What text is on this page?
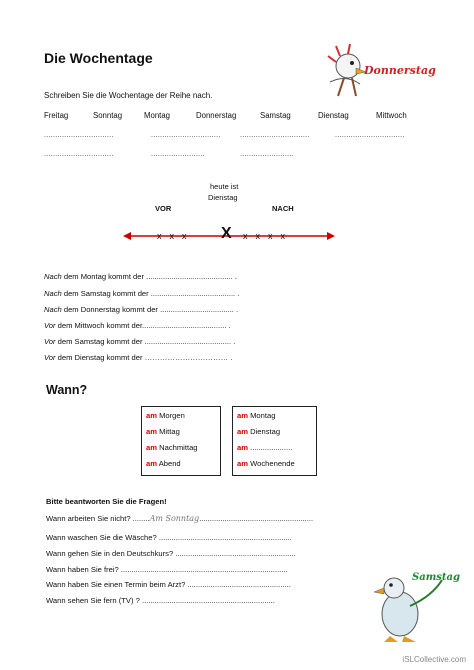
Die Wochentage
Donnerstag
Schreiben Sie die Wochentage der Reihe nach.
Freitag	Sonntag	Montag	Donnerstag	Samstag	Dienstag	Mittwoch
...............................	...............................	...............................	...............................
...............................	........................	........................
heute ist
Dienstag
VOR	NACH
xxx X xxxx
Nach dem Montag kommt der ......................................... .
Nach dem Samstag kommt der ........................................ .
Nach dem Donnerstag kommt der ................................... .
Vor dem Mittwoch kommt der........................................ .
Vor dem Samstag kommt der ......................................... .
Vor dem Dienstag kommt der …………………………… .
Wann?
am Morgen
am Mittag
am Nachmittag
am Abend
am Montag
am Dienstag
am ....................
am Wochenende
Bitte beantworten Sie die Fragen!
Wann arbeiten Sie nicht? ........Am Sonntag......................................................
Wann waschen Sie die Wäsche? ...............................................................
Wann gehen Sie in den Deutschkurs? .........................................................
Wann haben Sie frei? ...............................................................................
Wann haben Sie einen Termin beim Arzt? .................................................
Wann sehen Sie fern (TV) ? ...............................................................
Samstag
iSLCollective.com
